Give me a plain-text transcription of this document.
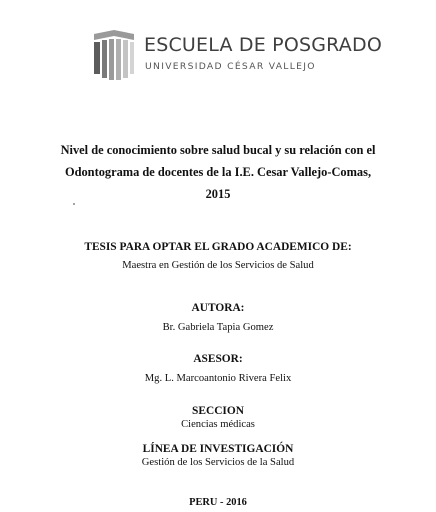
ESCUELA DE POSGRADO
UNIVERSIDAD CÉSAR VALLEJO
Nivel de conocimiento sobre salud bucal y su relación con el
Odontograma de docentes de la I.E. Cesar Vallejo-Comas,
2015
TESIS PARA OPTAR EL GRADO ACADEMICO DE:
Maestra en Gestión de los Servicios de Salud
AUTORA:
Br. Gabriela Tapia Gomez
ASESOR:
Mg. L. Marcoantonio Rivera Felix
SECCION
Ciencias médicas
LÍNEA DE INVESTIGACIÓN
Gestión de los Servicios de la Salud
PERU - 2016
